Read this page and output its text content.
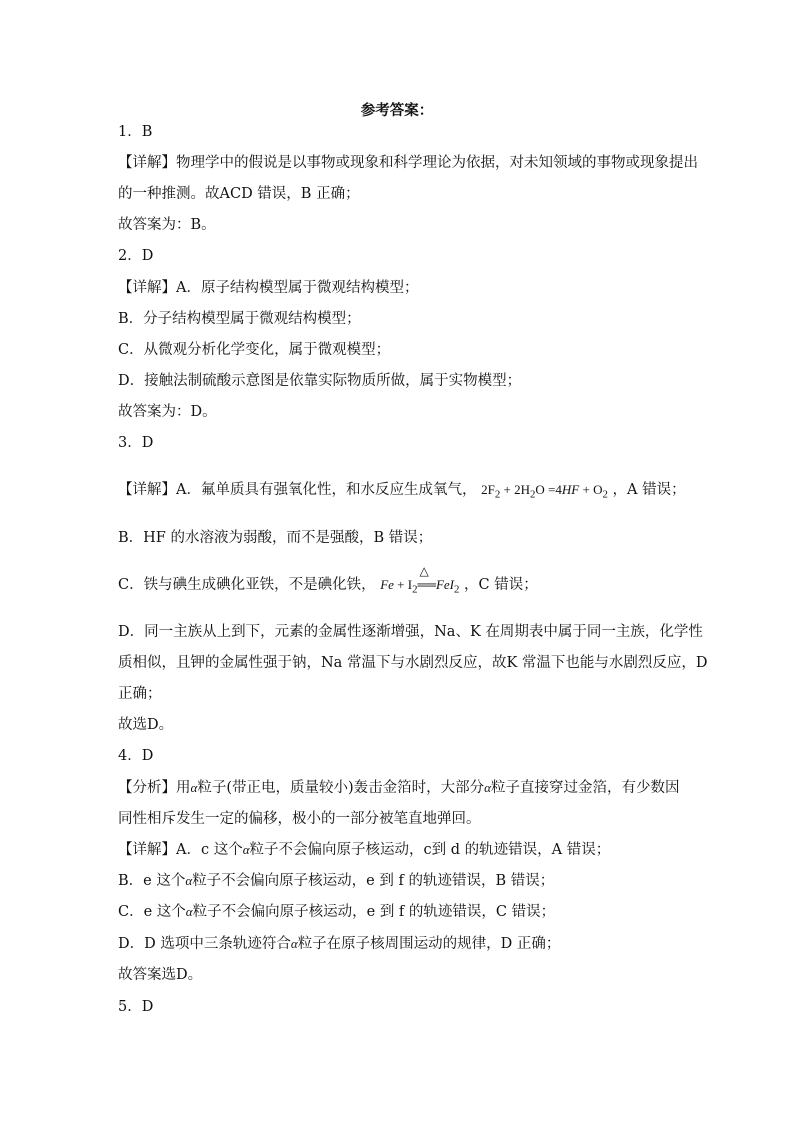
参考答案：
1．B
【详解】物理学中的假说是以事物或现象和科学理论为依据，对未知领域的事物或现象提出
的一种推测。故ACD 错误，B 正确；
故答案为：B。
2．D
【详解】A．原子结构模型属于微观结构模型；
B．分子结构模型属于微观结构模型；
C．从微观分析化学变化，属于微观模型；
D．接触法制硫酸示意图是依靠实际物质所做，属于实物模型；
故答案为：D。
3．D
【详解】A．氟单质具有强氧化性，和水反应生成氧气， $2F_2 + 2H_2O =4HF + O_2$ ，A 错误；
B．HF 的水溶液为弱酸，而不是强酸，B 错误；
C．铁与碘生成碘化亚铁，不是碘化铁， $Fe + I_2$
△
══FeI$_2$ ，C 错误；
D．同一主族从上到下，元素的金属性逐渐增强，Na、K 在周期表中属于同一主族，化学性
质相似，且钾的金属性强于钠，Na 常温下与水剧烈反应，故K 常温下也能与水剧烈反应，D
正确；
故选D。
4．D
【分析】用α粒子(带正电，质量较小)轰击金箔时，大部分α粒子直接穿过金箔，有少数因
同性相斥发生一定的偏移，极小的一部分被笔直地弹回。
【详解】A．c 这个α粒子不会偏向原子核运动，c到 d 的轨迹错误，A 错误；
B．e 这个α粒子不会偏向原子核运动，e 到 f 的轨迹错误，B 错误；
C．e 这个α粒子不会偏向原子核运动，e 到 f 的轨迹错误，C 错误；
D．D 选项中三条轨迹符合α粒子在原子核周围运动的规律，D 正确；
故答案选D。
5．D
